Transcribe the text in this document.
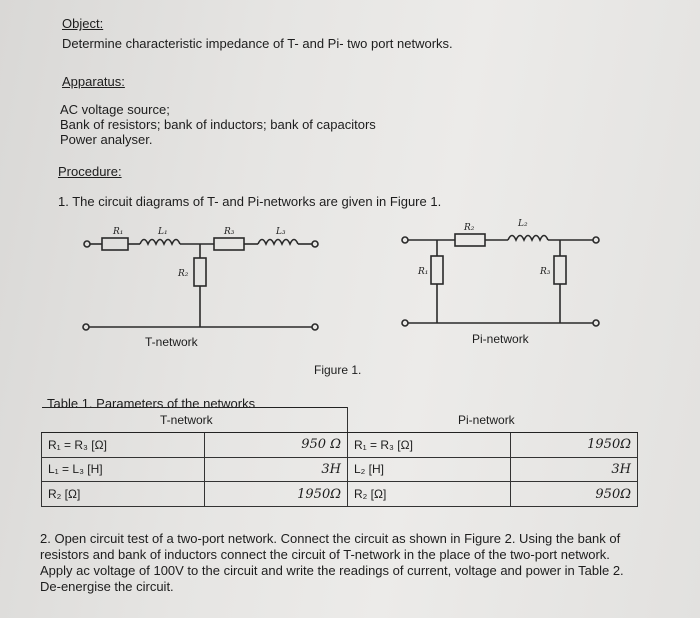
Object:
Determine characteristic impedance of T- and Pi- two port networks.
Apparatus:
AC voltage source;
Bank of resistors; bank of inductors; bank of capacitors
Power analyser.
Procedure:
1. The circuit diagrams of T- and Pi-networks are given in Figure 1.
R₁	L₁	R₃	L₃
R₂
R₂	L₂
R₁	R₃
T-network	Pi-network
Figure 1.
Table 1. Parameters of the networks
T-network	Pi-network

R₁ = R₃ [Ω]	950 Ω	R₁ = R₃ [Ω]	1950Ω
L₁ = L₃ [H]	3H	L₂ [H]	3H
R₂ [Ω]	1950Ω	R₂ [Ω]	950Ω
2. Open circuit test of a two-port network. Connect the circuit as shown in Figure 2. Using the bank of resistors and bank of inductors connect the circuit of T-network in the place of the two-port network. Apply ac voltage of 100V to the circuit and write the readings of current, voltage and power in Table 2. De-energise the circuit.
